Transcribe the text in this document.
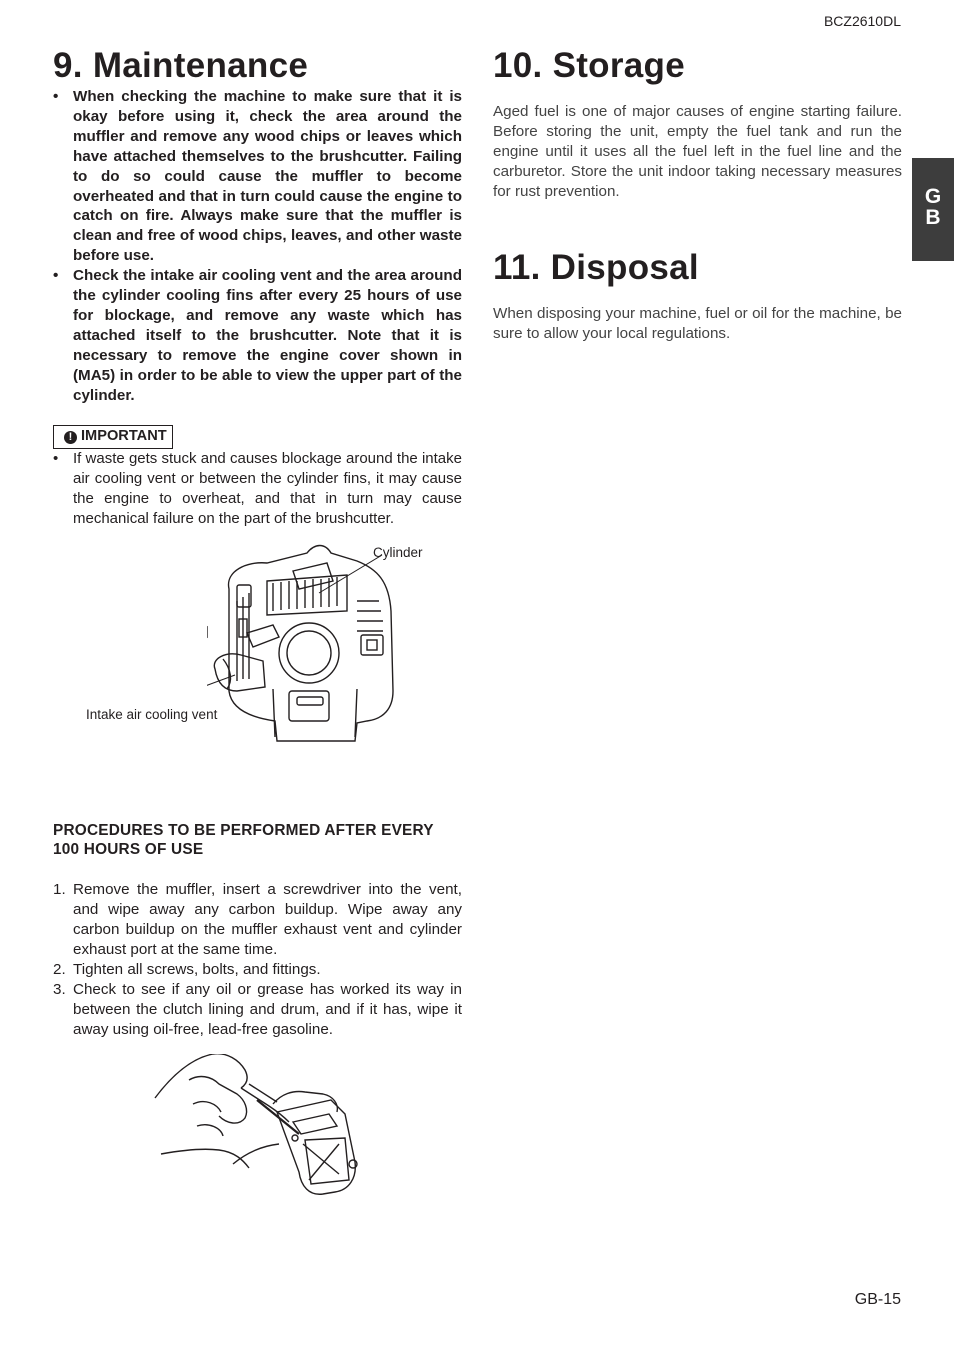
BCZ2610DL
G
B
9. Maintenance
• When checking the machine to make sure that it is okay before using it, check the area around the muffler and remove any wood chips or leaves which have attached themselves to the brushcutter. Failing to do so could cause the muffler to become overheated and that in turn could cause the engine to catch on fire. Always make sure that the muffler is clean and free of wood chips, leaves, and other waste before use.
• Check the intake air cooling vent and the area around the cylinder cooling fins after every 25 hours of use for blockage, and remove any waste which has attached itself to the brushcutter. Note that it is necessary to remove the engine cover shown in (MA5) in order to be able to view the upper part of the cylinder.
! IMPORTANT
• If waste gets stuck and causes blockage around the intake air cooling vent or between the cylinder fins, it may cause the engine to overheat, and that in turn may cause mechanical failure on the part of the brushcutter.
Cylinder
Intake air cooling vent
PROCEDURES TO BE PERFORMED AFTER EVERY 100 HOURS OF USE
1. Remove the muffler, insert a screwdriver into the vent, and wipe away any carbon buildup. Wipe away any carbon buildup on the muffler exhaust vent and cylinder exhaust port at the same time.
2. Tighten all screws, bolts, and fittings.
3. Check to see if any oil or grease has worked its way in between the clutch lining and drum, and if it has, wipe it away using oil-free, lead-free gasoline.
10. Storage

Aged fuel is one of major causes of engine starting failure. Before storing the unit, empty the fuel tank and run the engine until it uses all the fuel left in the fuel line and the carburetor. Store the unit indoor taking necessary measures for rust prevention.

11. Disposal

When disposing your machine, fuel or oil for the machine, be sure to allow your local regulations.

GB-15
